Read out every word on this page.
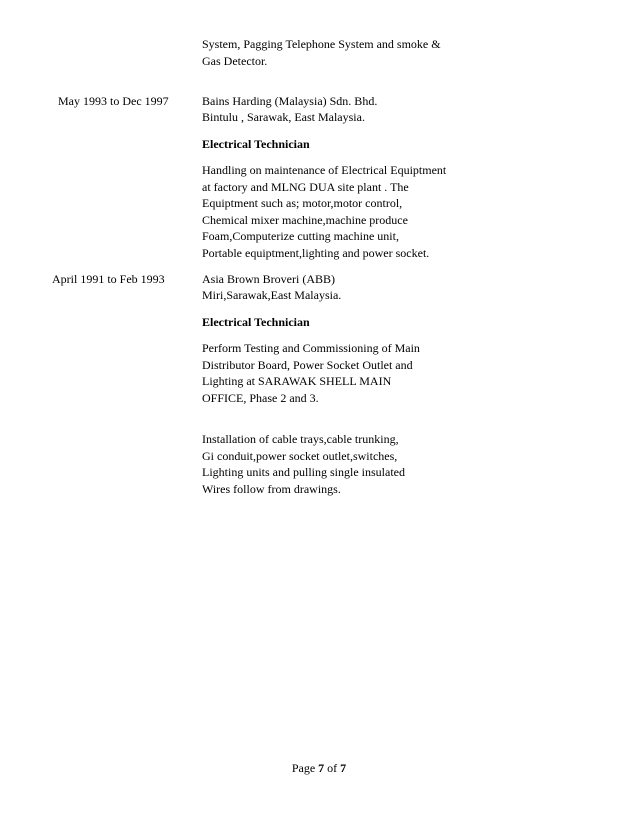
System, Pagging Telephone System and smoke &
Gas Detector.
May 1993 to Dec 1997	Bains Harding (Malaysia) Sdn. Bhd.
Bintulu , Sarawak, East Malaysia.
Electrical Technician
Handling on maintenance of Electrical Equiptment
at factory and MLNG DUA site plant . The
Equiptment such as; motor,motor control,
Chemical mixer machine,machine produce
Foam,Computerize cutting machine unit,
Portable equiptment,lighting and power socket.
April 1991 to Feb 1993	Asia Brown Broveri (ABB)
Miri,Sarawak,East Malaysia.
Electrical Technician
Perform Testing and Commissioning of Main
Distributor Board, Power Socket Outlet and
Lighting at SARAWAK SHELL MAIN
OFFICE, Phase 2 and 3.
Installation of cable trays,cable trunking,
Gi conduit,power socket outlet,switches,
Lighting units and pulling single insulated
Wires follow from drawings.
Page 7 of 7
